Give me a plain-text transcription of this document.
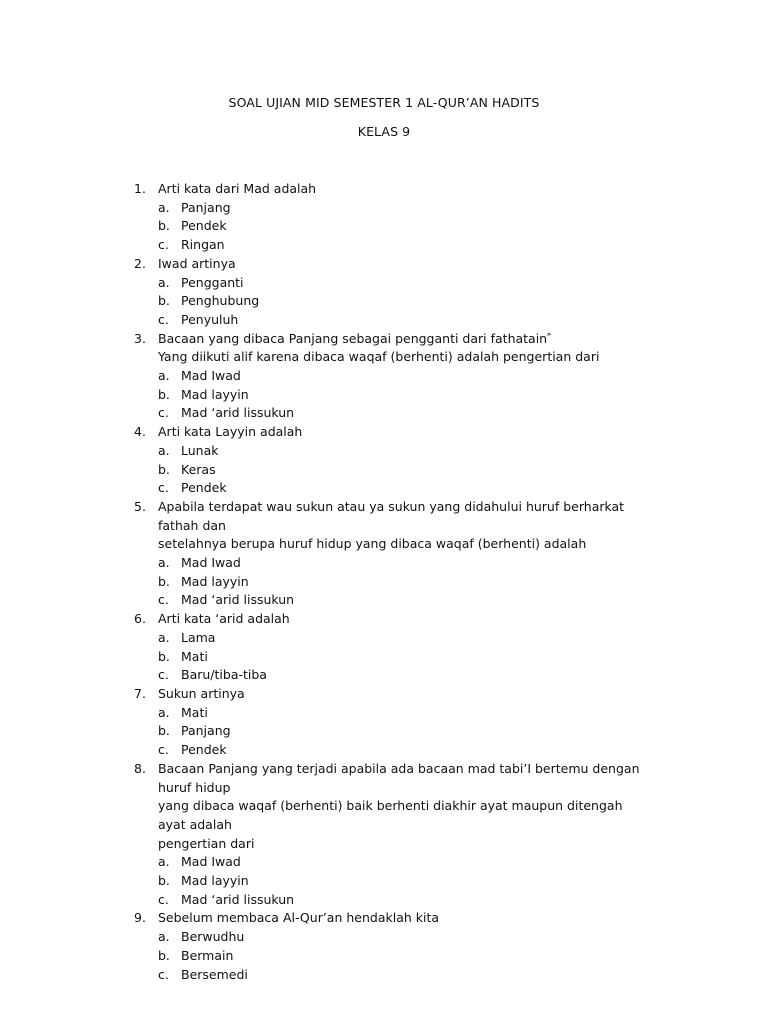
SOAL UJIAN MID SEMESTER 1 AL-QUR’AN HADITS
KELAS 9
1. Arti kata dari Mad adalah
a. Panjang
b. Pendek
c. Ringan
2. Iwad artinya
a. Pengganti
b. Penghubung
c. Penyuluh
3. Bacaan yang dibaca Panjang sebagai pengganti dari fathatain ً
Yang diikuti alif karena dibaca waqaf (berhenti) adalah pengertian dari
a. Mad Iwad
b. Mad layyin
c. Mad ‘arid lissukun
4. Arti kata Layyin adalah
a. Lunak
b. Keras
c. Pendek
5. Apabila terdapat wau sukun atau ya sukun yang didahului huruf berharkat fathah dan
setelahnya berupa huruf hidup yang dibaca waqaf (berhenti) adalah
a. Mad Iwad
b. Mad layyin
c. Mad ‘arid lissukun
6. Arti kata ‘arid adalah
a. Lama
b. Mati
c. Baru/tiba-tiba
7. Sukun artinya
a. Mati
b. Panjang
c. Pendek
8. Bacaan Panjang yang terjadi apabila ada bacaan mad tabi’I bertemu dengan huruf hidup
yang dibaca waqaf (berhenti) baik berhenti diakhir ayat maupun ditengah ayat adalah
pengertian dari
a. Mad Iwad
b. Mad layyin
c. Mad ‘arid lissukun
9. Sebelum membaca Al-Qur’an hendaklah kita
a. Berwudhu
b. Bermain
c. Bersemedi
